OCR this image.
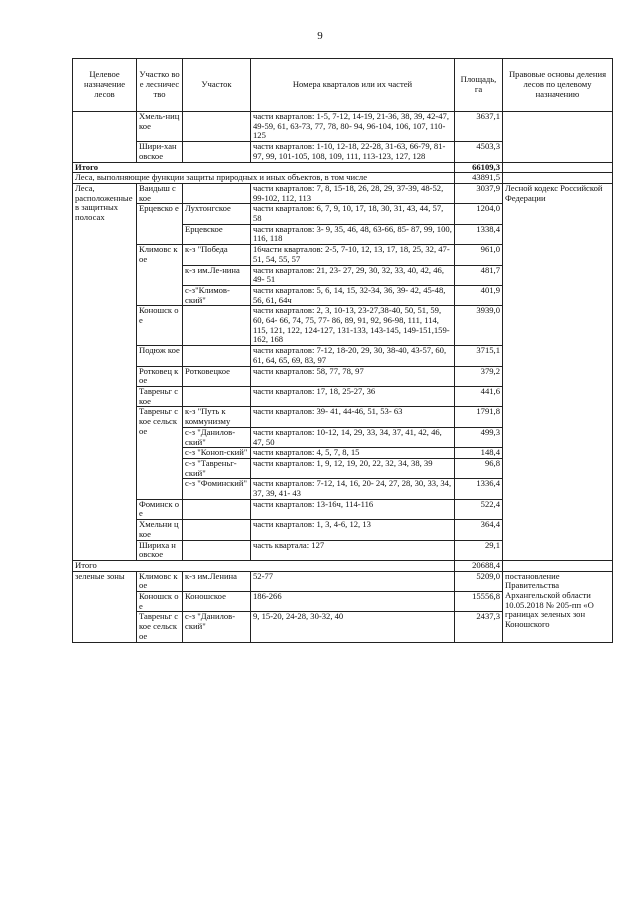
9
Целевое назначение лесов	Участко вое лесничес тво	Участок	Номера кварталов или их частей	Площадь, га	Правовые основы деления лесов по целевому назначению
	Хмель-ницкое		части кварталов: 1-5, 7-12, 14-19, 21-36, 38, 39, 42-47, 49-59, 61, 63-73, 77, 78, 80- 94, 96-104, 106, 107, 110-125	3637,1	
	Шири-хановское		части кварталов: 1-10, 12-18, 22-28, 31-63, 66-79, 81-97, 99, 101-105, 108, 109, 111, 113-123, 127, 128	4503,3	
Итого				66109,3	
Леса, выполняющие функции защиты природных и иных объектов, в том числе				43891,5	
Леса, расположенные в защитных полосах	Ваидыш ское		части кварталов: 7, 8, 15-18, 26, 28, 29, 37-39, 48-52, 99-102, 112, 113	3037,9	Лесной кодекс Российской Федерации
	Ерцевско е	Лухтонгское	части кварталов: 6, 7, 9, 10, 17, 18, 30, 31, 43, 44, 57, 58	1204,0	
		Ерцевское	части кварталов: 3- 9, 35, 46, 48, 63-66, 85- 87, 99, 100, 116, 118	1338,4	
	Климовс кое	к-з "Победа	16части кварталов: 2-5, 7-10, 12, 13, 17, 18, 25, 32, 47-51, 54, 55, 57	961,0	
		к-з им.Ле-нина	части кварталов: 21, 23- 27, 29, 30, 32, 33, 40, 42, 46, 49- 51	481,7	
		с-з"Климов-ский"	части кварталов: 5, 6, 14, 15, 32-34, 36, 39- 42, 45-48, 56, 61, 64ч	401,9	
	Коношск ое		части кварталов: 2, 3, 10-13, 23-27,38-40, 50, 51, 59, 60, 64- 66, 74, 75, 77- 86, 89, 91, 92, 96-98, 111, 114, 115, 121, 122, 124-127, 131-133, 143-145, 149-151,159-162, 168	3939,0	
	Подюж кое		части кварталов: 7-12, 18-20, 29, 30, 38-40, 43-57, 60, 61, 64, 65, 69, 83, 97	3715,1	
	Ротковец кое	Ротковецкое	части кварталов: 58, 77, 78, 97	379,2	
	Тавреньг ское		части кварталов: 17, 18, 25-27, 36	441,6	
	Тавреньг ское сельское	к-з "Путь к коммунизму	части кварталов: 39- 41, 44-46, 51, 53- 63	1791,8	
		с-з "Данилов-ский"	части кварталов: 10-12, 14, 29, 33, 34, 37, 41, 42, 46, 47, 50	499,3	
		с-з "Коноп-ский"	части кварталов: 4, 5, 7, 8, 15	148,4	
		с-з "Тавреньг-ский"	части кварталов: 1, 9, 12, 19, 20, 22, 32, 34, 38, 39	96,8	
		с-з "Фоминский"	части кварталов: 7-12, 14, 16, 20- 24, 27, 28, 30, 33, 34, 37, 39, 41- 43	1336,4	
	Фоминск ое		части кварталов: 13-16ч, 114-116	522,4	
	Хмельни цкое		части кварталов: 1, 3, 4-6, 12, 13	364,4	
	Шириха новское		часть квартала: 127	29,1	
Итого				20688,4	
зеленые зоны	Климовс кое	к-з им.Ленина	52-77	5209,0	постановление Правительства Архангельской области 10.05.2018 № 205-пп «О границах зеленых зон Коношского
	Коношск ое	Коношское	186-266	15556,8	
	Тавреньг ское сельское	с-з "Данилов-ский"	9, 15-20, 24-28, 30-32, 40	2437,3	
